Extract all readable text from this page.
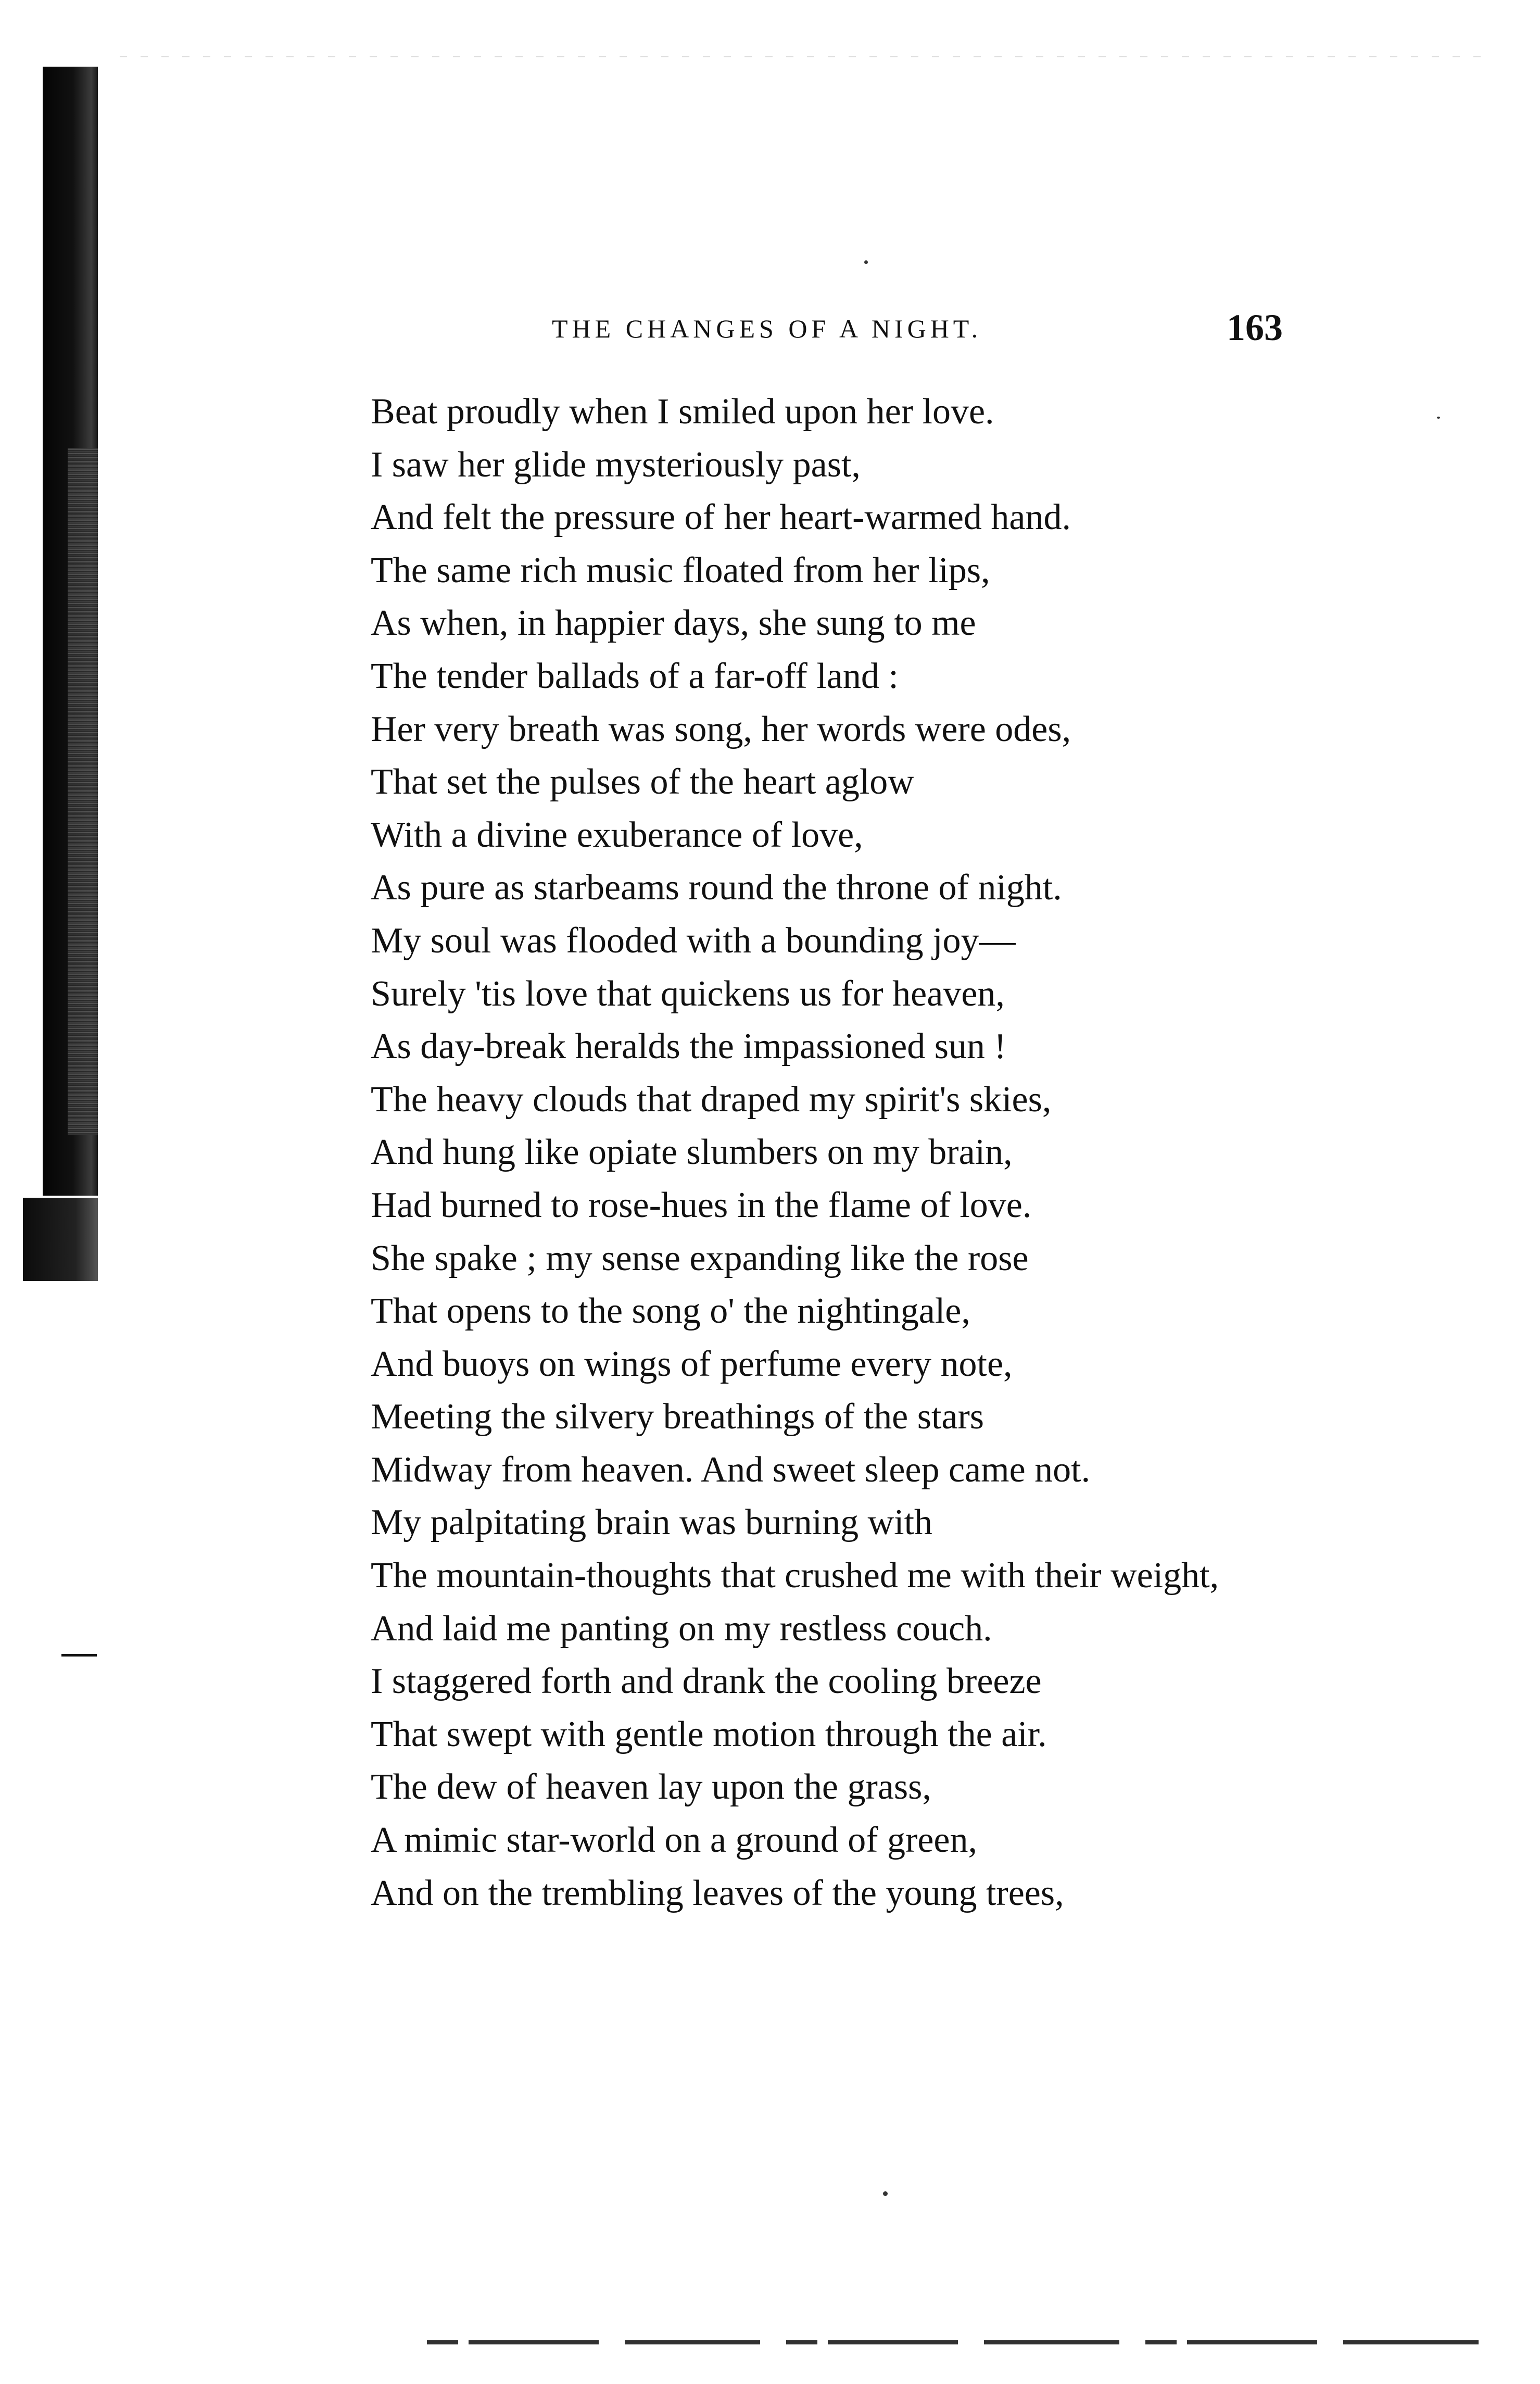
THE CHANGES OF A NIGHT.	163
Beat proudly when I smiled upon her love.
I saw her glide mysteriously past,
And felt the pressure of her heart-warmed hand.
The same rich music floated from her lips,
As when, in happier days, she sung to me
The tender ballads of a far-off land :
Her very breath was song, her words were odes,
That set the pulses of the heart aglow
With a divine exuberance of love,
As pure as starbeams round the throne of night.
My soul was flooded with a bounding joy—
Surely 'tis love that quickens us for heaven,
As day-break heralds the impassioned sun !
The heavy clouds that draped my spirit's skies,
And hung like opiate slumbers on my brain,
Had burned to rose-hues in the flame of love.
She spake ; my sense expanding like the rose
That opens to the song o' the nightingale,
And buoys on wings of perfume every note,
Meeting the silvery breathings of the stars
Midway from heaven. And sweet sleep came not.
My palpitating brain was burning with
The mountain-thoughts that crushed me with their weight,
And laid me panting on my restless couch.
I staggered forth and drank the cooling breeze
That swept with gentle motion through the air.
The dew of heaven lay upon the grass,
A mimic star-world on a ground of green,
And on the trembling leaves of the young trees,
